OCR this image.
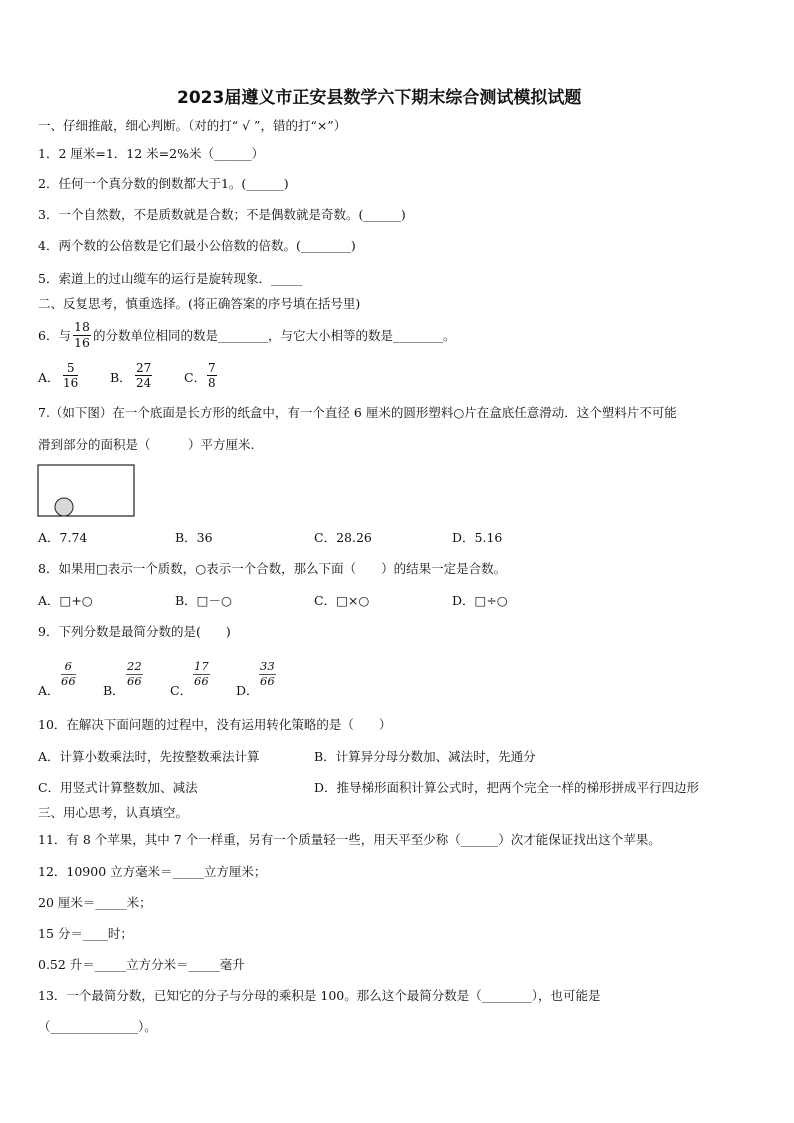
2023届遵义市正安县数学六下期末综合测试模拟试题
一、仔细推敲，细心判断。（对的打“ √ ”，错的打“×”）
1．2 厘米=1．12 米=2%米（______）
2．任何一个真分数的倒数都大于1。(______)
3．一个自然数，不是质数就是合数；不是偶数就是奇数。(______)
4．两个数的公倍数是它们最小公倍数的倍数。(________)
5．索道上的过山缆车的运行是旋转现象．_____
二、反复思考，慎重选择。(将正确答案的序号填在括号里)
6．与 $\frac{18}{16}$ 的分数单位相同的数是________，与它大小相等的数是________。
A． $\frac{5}{16}$	B． $\frac{27}{24}$	C． $\frac{7}{8}$
7.（如下图）在一个底面是长方形的纸盒中，有一个直径 6 厘米的圆形塑料○片在盒底任意滑动．这个塑料片不可能
滑到部分的面积是（　　　）平方厘米.
A．7.74	B．36	C．28.26	D．5.16
8．如果用□表示一个质数，○表示一个合数，那么下面（　　）的结果一定是合数。
A．□+○	B．□－○	C．□×○	D．□÷○
9．下列分数是最简分数的是(　　)
A．
$\frac{6}{66}$
B．
$\frac{22}{66}$
C．
$\frac{17}{66}$
D．
$\frac{33}{66}$
10．在解决下面问题的过程中，没有运用转化策略的是（　　）
A．计算小数乘法时，先按整数乘法计算	B．计算异分母分数加、减法时，先通分
C．用竖式计算整数加、减法	D．推导梯形面积计算公式时，把两个完全一样的梯形拼成平行四边形
三、用心思考，认真填空。
11．有 8 个苹果，其中 7 个一样重，另有一个质量轻一些，用天平至少称（______）次才能保证找出这个苹果。
12．10900 立方毫米＝_____立方厘米；
20 厘米＝_____米；
15 分＝____时；
0.52 升＝_____立方分米＝_____毫升
13．一个最简分数，已知它的分子与分母的乘积是 100。那么这个最简分数是（________），也可能是
（______________）。
